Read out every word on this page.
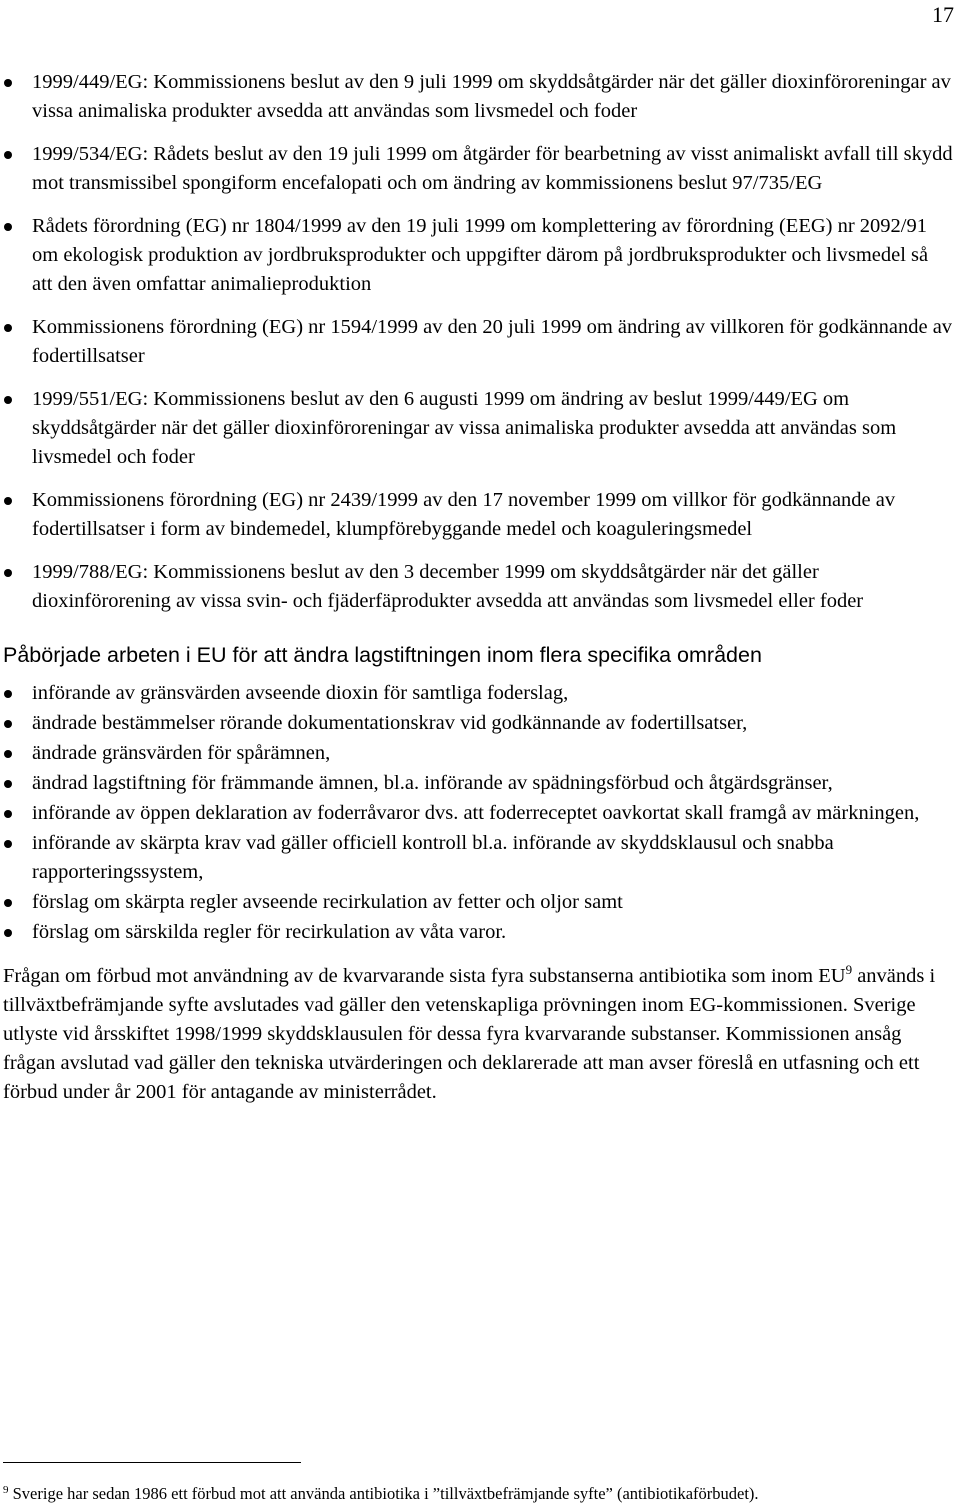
17
1999/449/EG: Kommissionens beslut av den 9 juli 1999 om skyddsåtgärder när det gäller dioxinföroreningar av vissa animaliska produkter avsedda att användas som livsmedel och foder
1999/534/EG: Rådets beslut av den 19 juli 1999 om åtgärder för bearbetning av visst animaliskt avfall till skydd mot transmissibel spongiform encefalopati och om ändring av kommissionens beslut 97/735/EG
Rådets förordning (EG) nr 1804/1999 av den 19 juli 1999 om komplettering av förordning (EEG) nr 2092/91 om ekologisk produktion av jordbruksprodukter och uppgifter därom på jordbruksprodukter och livsmedel så att den även omfattar animalieproduktion
Kommissionens förordning (EG) nr 1594/1999 av den 20 juli 1999 om ändring av villkoren för godkännande av fodertillsatser
1999/551/EG: Kommissionens beslut av den 6 augusti 1999 om ändring av beslut 1999/449/EG om skyddsåtgärder när det gäller dioxinföroreningar av vissa animaliska produkter avsedda att användas som livsmedel och foder
Kommissionens förordning (EG) nr 2439/1999 av den 17 november 1999 om villkor för godkännande av fodertillsatser i form av bindemedel, klumpförebyggande medel och koaguleringsmedel
1999/788/EG: Kommissionens beslut av den 3 december 1999 om skyddsåtgärder när det gäller dioxinförorening av vissa svin- och fjäderfäprodukter avsedda att användas som livsmedel eller foder
Påbörjade arbeten i EU för att ändra lagstiftningen inom flera specifika områden
införande av gränsvärden avseende dioxin för samtliga foderslag,
ändrade bestämmelser rörande dokumentationskrav vid godkännande av fodertillsatser,
ändrade gränsvärden för spårämnen,
ändrad lagstiftning för främmande ämnen, bl.a. införande av spädningsförbud och åtgärdsgränser,
införande av öppen deklaration av foderråvaror dvs. att foderreceptet oavkortat skall framgå av märkningen,
införande av skärpta krav vad gäller officiell kontroll bl.a. införande av skyddsklausul och snabba rapporteringssystem,
förslag om skärpta regler avseende recirkulation av fetter och oljor samt
förslag om särskilda regler för recirkulation av våta varor.

Frågan om förbud mot användning av de kvarvarande sista fyra substanserna antibiotika som inom $EU^9$ används i tillväxtbefrämjande syfte avslutades vad gäller den vetenskapliga prövningen inom EG-kommissionen. Sverige utlyste vid årsskiftet 1998/1999 skyddsklausulen för dessa fyra kvarvarande substanser. Kommissionen ansåg frågan avslutad vad gäller den tekniska utvärderingen och deklarerade att man avser föreslå en utfasning och ett förbud under år 2001 för antagande av ministerrådet.

$^9$ Sverige har sedan 1986 ett förbud mot att använda antibiotika i ”tillväxtbefrämjande syfte” (antibiotikaförbudet).
